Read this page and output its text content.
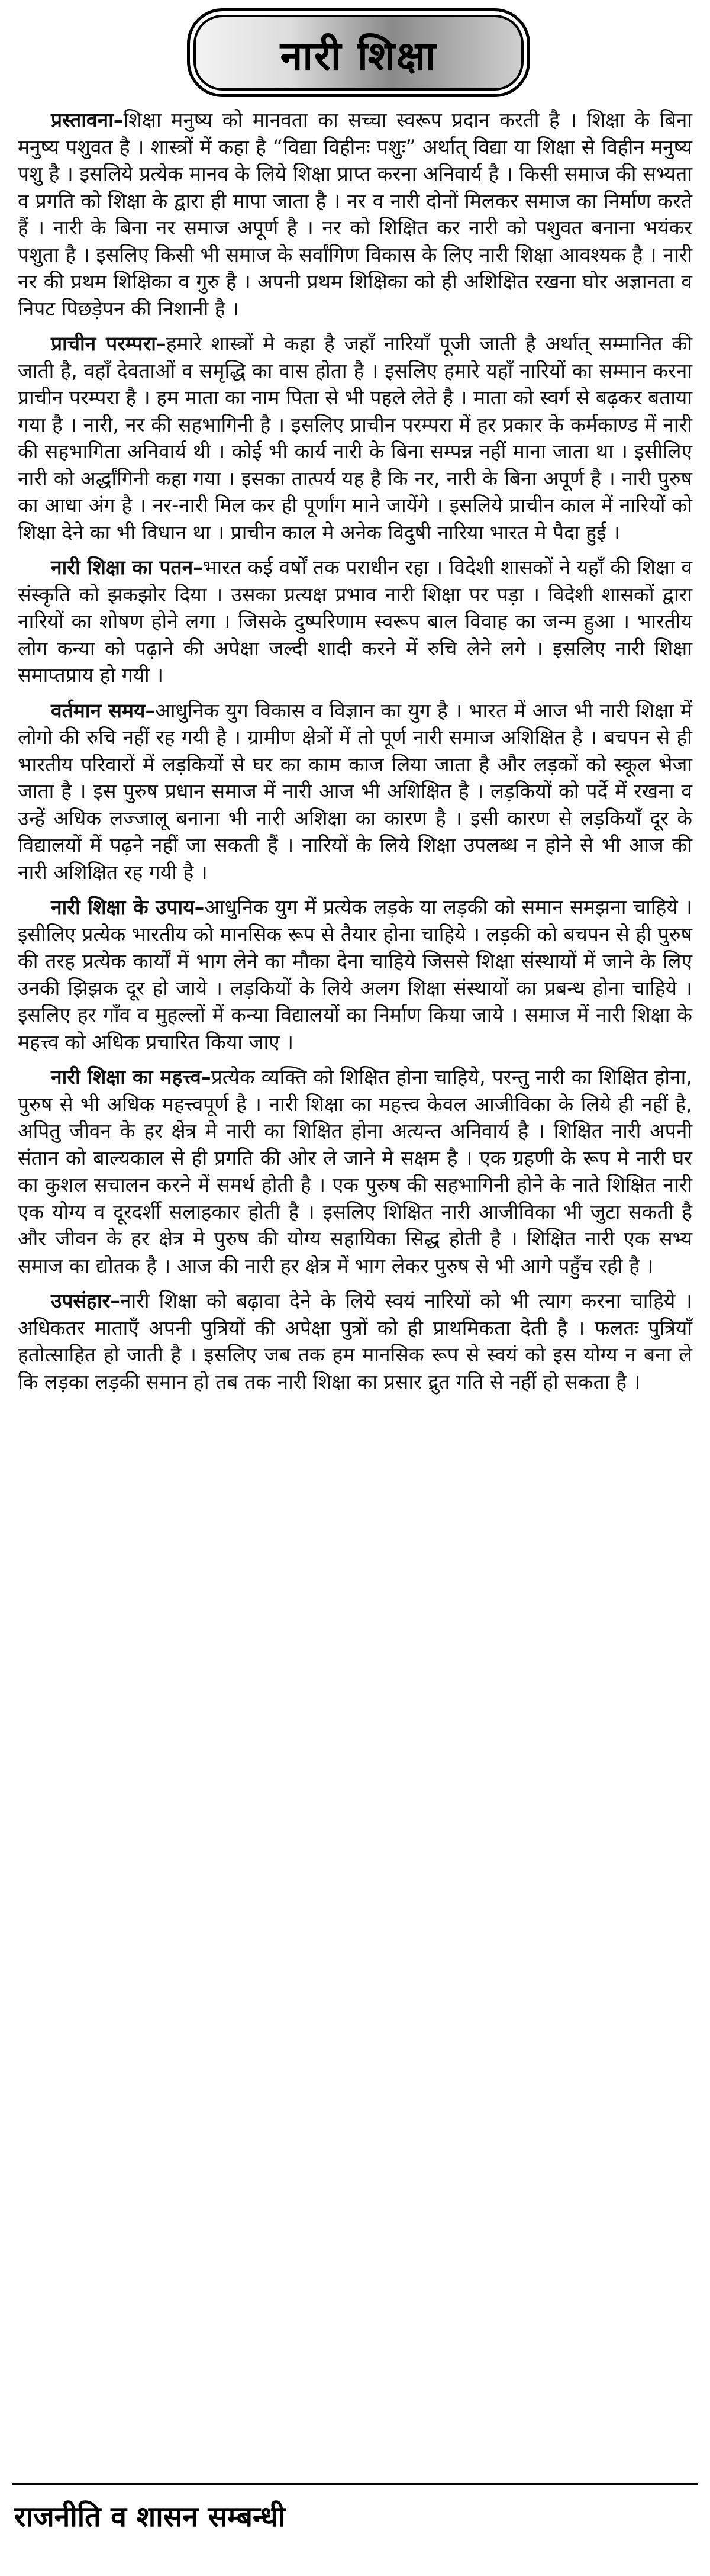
नारी शिक्षा

प्रस्तावना–शिक्षा मनुष्य को मानवता का सच्चा स्वरूप प्रदान करती है । शिक्षा के बिना मनुष्य पशुवत है । शास्त्रों में कहा है “विद्या विहीनः पशुः” अर्थात् विद्या या शिक्षा से विहीन मनुष्य पशु है । इसलिये प्रत्येक मानव के लिये शिक्षा प्राप्त करना अनिवार्य है । किसी समाज की सभ्यता व प्रगति को शिक्षा के द्वारा ही मापा जाता है । नर व नारी दोनों मिलकर समाज का निर्माण करते हैं । नारी के बिना नर समाज अपूर्ण है । नर को शिक्षित कर नारी को पशुवत बनाना भयंकर पशुता है । इसलिए किसी भी समाज के सर्वांगिण विकास के लिए नारी शिक्षा आवश्यक है । नारी नर की प्रथम शिक्षिका व गुरु है । अपनी प्रथम शिक्षिका को ही अशिक्षित रखना घोर अज्ञानता व निपट पिछड़ेपन की निशानी है ।

प्राचीन परम्परा–हमारे शास्त्रों मे कहा है जहाँ नारियाँ पूजी जाती है अर्थात् सम्मानित की जाती है, वहाँ देवताओं व समृद्धि का वास होता है । इसलिए हमारे यहाँ नारियों का सम्मान करना प्राचीन परम्परा है । हम माता का नाम पिता से भी पहले लेते है । माता को स्वर्ग से बढ़कर बताया गया है । नारी, नर की सहभागिनी है । इसलिए प्राचीन परम्परा में हर प्रकार के कर्मकाण्ड में नारी की सहभागिता अनिवार्य थी । कोई भी कार्य नारी के बिना सम्पन्न नहीं माना जाता था । इसीलिए नारी को अर्द्धांगिनी कहा गया । इसका तात्पर्य यह है कि नर, नारी के बिना अपूर्ण है । नारी पुरुष का आधा अंग है । नर-नारी मिल कर ही पूर्णांग माने जायेंगे । इसलिये प्राचीन काल में नारियों को शिक्षा देने का भी विधान था । प्राचीन काल मे अनेक विदुषी नारिया भारत मे पैदा हुई ।

नारी शिक्षा का पतन–भारत कई वर्षों तक पराधीन रहा । विदेशी शासकों ने यहाँ की शिक्षा व संस्कृति को झकझोर दिया । उसका प्रत्यक्ष प्रभाव नारी शिक्षा पर पड़ा । विदेशी शासकों द्वारा नारियों का शोषण होने लगा । जिसके दुष्परिणाम स्वरूप बाल विवाह का जन्म हुआ । भारतीय लोग कन्या को पढ़ाने की अपेक्षा जल्दी शादी करने में रुचि लेने लगे । इसलिए नारी शिक्षा समाप्तप्राय हो गयी ।

वर्तमान समय–आधुनिक युग विकास व विज्ञान का युग है । भारत में आज भी नारी शिक्षा में लोगो की रुचि नहीं रह गयी है । ग्रामीण क्षेत्रों में तो पूर्ण नारी समाज अशिक्षित है । बचपन से ही भारतीय परिवारों में लड़कियों से घर का काम काज लिया जाता है और लड़कों को स्कूल भेजा जाता है । इस पुरुष प्रधान समाज में नारी आज भी अशिक्षित है । लड़कियों को पर्दे में रखना व उन्हें अधिक लज्जालू बनाना भी नारी अशिक्षा का कारण है । इसी कारण से लड़कियाँ दूर के विद्यालयों में पढ़ने नहीं जा सकती हैं । नारियों के लिये शिक्षा उपलब्ध न होने से भी आज की नारी अशिक्षित रह गयी है ।

नारी शिक्षा के उपाय–आधुनिक युग में प्रत्येक लड़के या लड़की को समान समझना चाहिये । इसीलिए प्रत्येक भारतीय को मानसिक रूप से तैयार होना चाहिये । लड़की को बचपन से ही पुरुष की तरह प्रत्येक कार्यों में भाग लेने का मौका देना चाहिये जिससे शिक्षा संस्थायों में जाने के लिए उनकी झिझक दूर हो जाये । लड़कियों के लिये अलग शिक्षा संस्थायों का प्रबन्ध होना चाहिये । इसलिए हर गाँव व मुहल्लों में कन्या विद्यालयों का निर्माण किया जाये । समाज में नारी शिक्षा के महत्त्व को अधिक प्रचारित किया जाए ।

नारी शिक्षा का महत्त्व–प्रत्येक व्यक्ति को शिक्षित होना चाहिये, परन्तु नारी का शिक्षित होना, पुरुष से भी अधिक महत्त्वपूर्ण है । नारी शिक्षा का महत्त्व केवल आजीविका के लिये ही नहीं है, अपितु जीवन के हर क्षेत्र मे नारी का शिक्षित होना अत्यन्त अनिवार्य है । शिक्षित नारी अपनी संतान को बाल्यकाल से ही प्रगति की ओर ले जाने मे सक्षम है । एक ग्रहणी के रूप मे नारी घर का कुशल सचालन करने में समर्थ होती है । एक पुरुष की सहभागिनी होने के नाते शिक्षित नारी एक योग्य व दूरदर्शी सलाहकार होती है । इसलिए शिक्षित नारी आजीविका भी जुटा सकती है और जीवन के हर क्षेत्र मे पुरुष की योग्य सहायिका सिद्ध होती है । शिक्षित नारी एक सभ्य समाज का द्योतक है । आज की नारी हर क्षेत्र में भाग लेकर पुरुष से भी आगे पहुँच रही है ।

उपसंहार–नारी शिक्षा को बढ़ावा देने के लिये स्वयं नारियों को भी त्याग करना चाहिये । अधिकतर माताएँ अपनी पुत्रियों की अपेक्षा पुत्रों को ही प्राथमिकता देती है । फलतः पुत्रियाँ हतोत्साहित हो जाती है । इसलिए जब तक हम मानसिक रूप से स्वयं को इस योग्य न बना ले कि लड़का लड़की समान हो तब तक नारी शिक्षा का प्रसार द्रुत गति से नहीं हो सकता है ।

राजनीति व शासन सम्बन्धी
